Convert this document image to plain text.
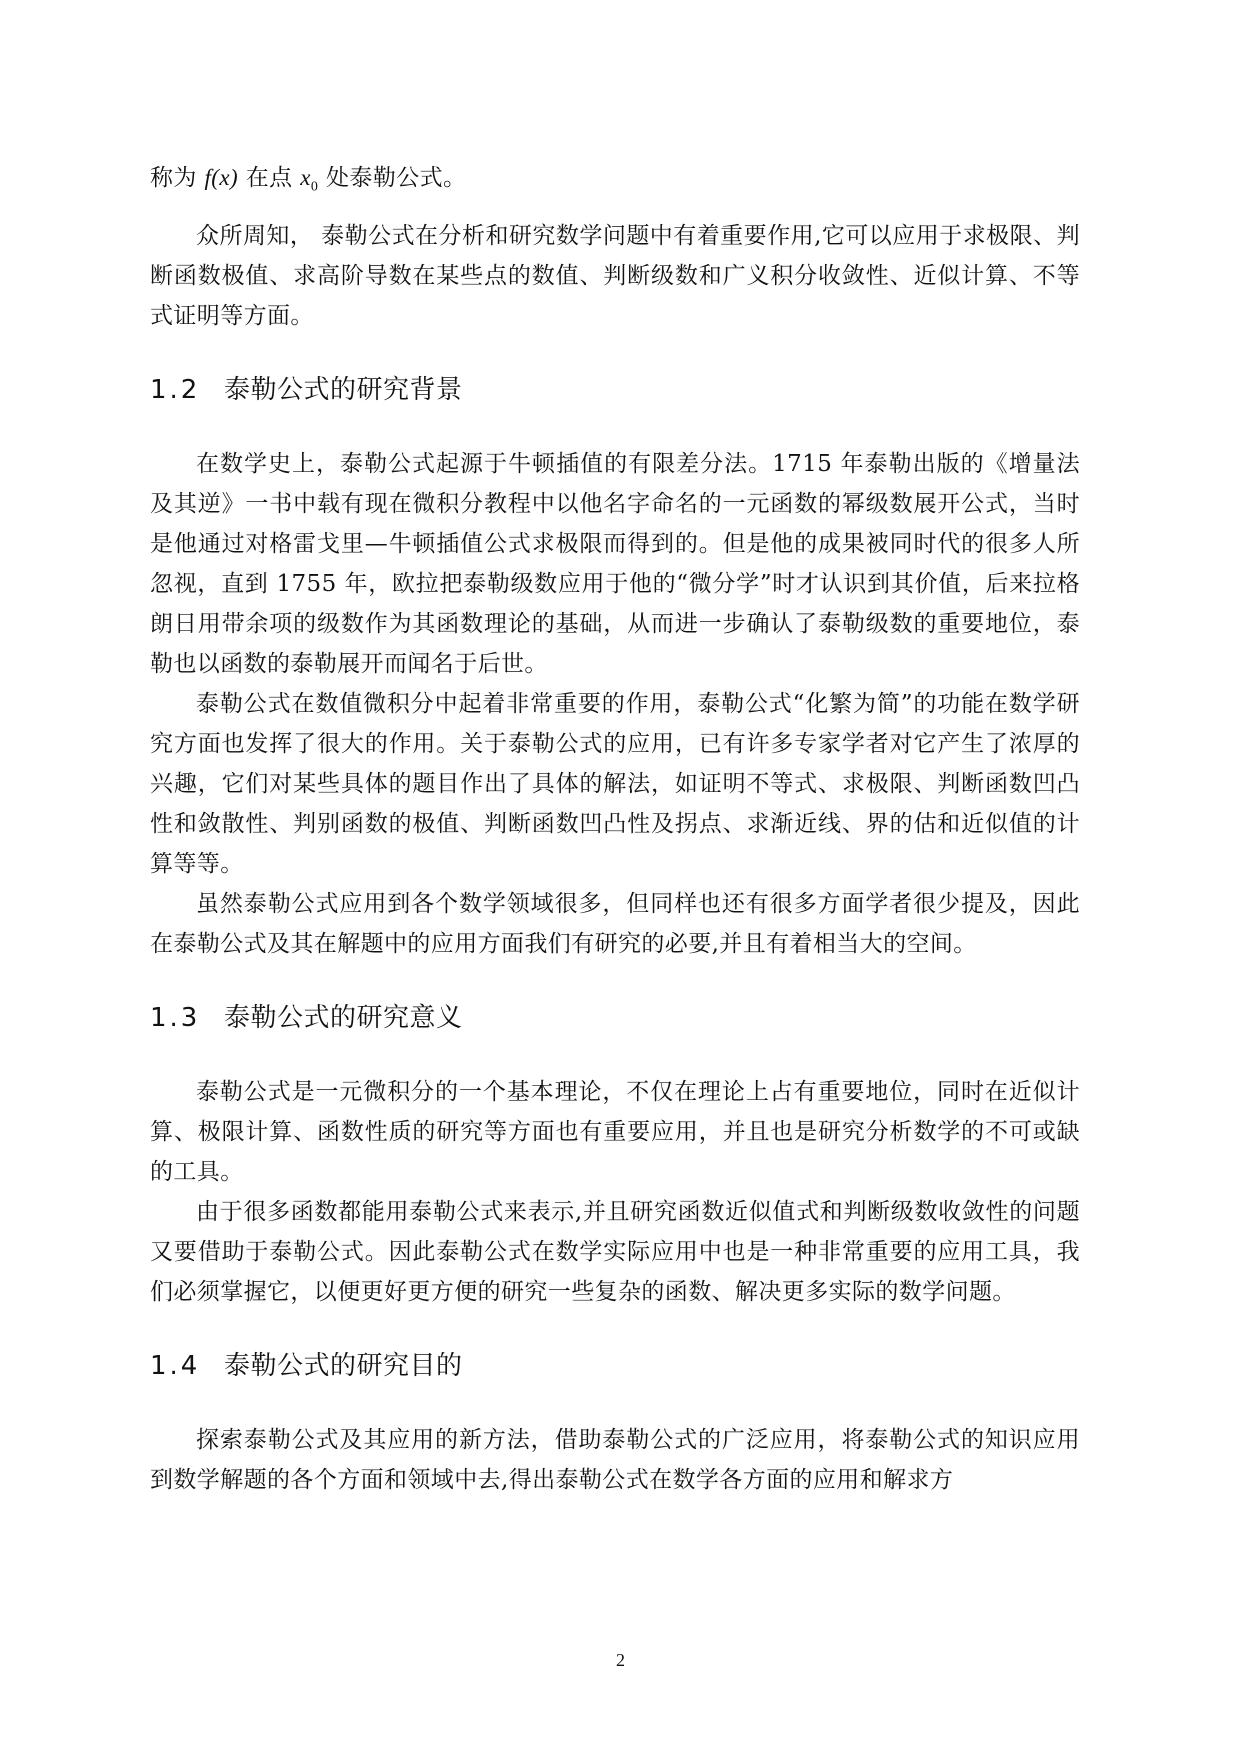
称为 f(x) 在点 $x_0$ 处泰勒公式。

众所周知， 泰勒公式在分析和研究数学问题中有着重要作用,它可以应用于求极限、判断函数极值、求高阶导数在某些点的数值、判断级数和广义积分收敛性、近似计算、不等式证明等方面。

1.2 泰勒公式的研究背景

在数学史上，泰勒公式起源于牛顿插值的有限差分法。1715 年泰勒出版的《增量法及其逆》一书中载有现在微积分教程中以他名字命名的一元函数的幂级数展开公式，当时是他通过对格雷戈里—牛顿插值公式求极限而得到的。但是他的成果被同时代的很多人所忽视，直到 1755 年，欧拉把泰勒级数应用于他的“微分学”时才认识到其价值，后来拉格朗日用带余项的级数作为其函数理论的基础，从而进一步确认了泰勒级数的重要地位，泰勒也以函数的泰勒展开而闻名于后世。

泰勒公式在数值微积分中起着非常重要的作用，泰勒公式“化繁为简”的功能在数学研究方面也发挥了很大的作用。关于泰勒公式的应用，已有许多专家学者对它产生了浓厚的兴趣，它们对某些具体的题目作出了具体的解法，如证明不等式、求极限、判断函数凹凸性和敛散性、判别函数的极值、判断函数凹凸性及拐点、求渐近线、界的估和近似值的计算等等。

虽然泰勒公式应用到各个数学领域很多，但同样也还有很多方面学者很少提及，因此在泰勒公式及其在解题中的应用方面我们有研究的必要,并且有着相当大的空间。

1.3 泰勒公式的研究意义

泰勒公式是一元微积分的一个基本理论，不仅在理论上占有重要地位，同时在近似计算、极限计算、函数性质的研究等方面也有重要应用，并且也是研究分析数学的不可或缺的工具。

由于很多函数都能用泰勒公式来表示,并且研究函数近似值式和判断级数收敛性的问题又要借助于泰勒公式。因此泰勒公式在数学实际应用中也是一种非常重要的应用工具，我们必须掌握它，以便更好更方便的研究一些复杂的函数、解决更多实际的数学问题。

1.4 泰勒公式的研究目的

探索泰勒公式及其应用的新方法，借助泰勒公式的广泛应用，将泰勒公式的知识应用到数学解题的各个方面和领域中去,得出泰勒公式在数学各方面的应用和解求方

2
